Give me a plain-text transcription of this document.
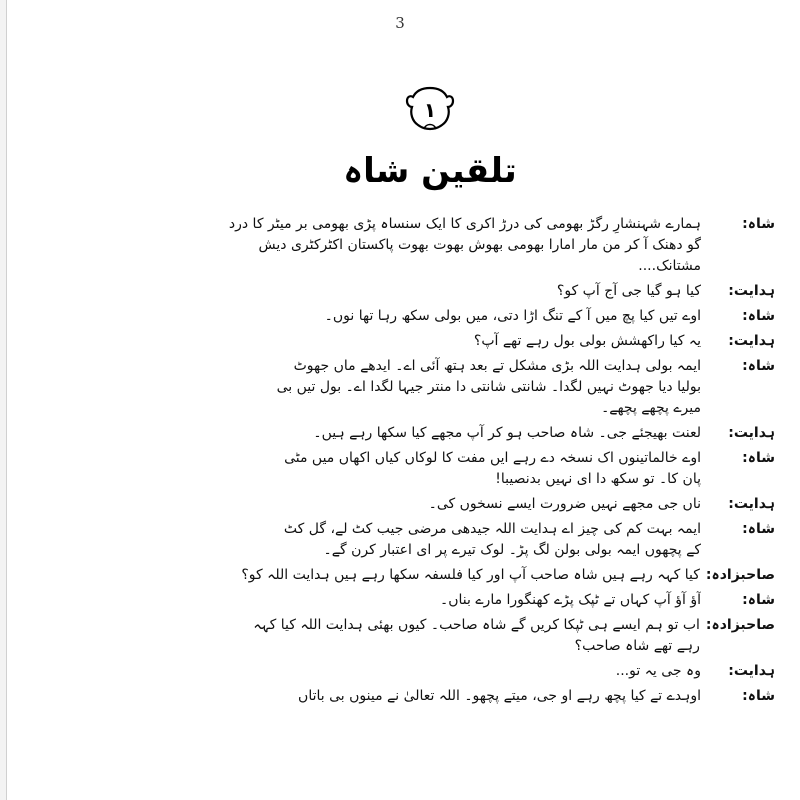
3
۱
تلقین شاہ
شاہ:
ہمارے شہنشارِ رگڑ بھومی کی درڑ اکری کا ایک سنساہ پڑی بھومی بر میٹر کا درد
گو دھنک آ کر من مار امارا بھومی بھوش بھوت بھوت پاکستان اکٹرکٹری دیش
مشتانک....
ہدایت:
کیا ہو گیا جی آج آپ کو؟
شاہ:
اوے تیں کیا پچ میں آ کے تنگ اڑا دتی، میں بولی سکھ رہا تھا نوں۔
ہدایت:
یہ کیا راکھشش بولی بول رہے تھے آپ؟
شاہ:
ایمہ بولی ہدایت اللہ بڑی مشکل تے بعد ہتھ آئی اے۔ ایدھے ماں جھوٹ
بولیا دیا جھوٹ نہیں لگدا۔ شانتی شانتی دا منتر جیہا لگدا اے۔ بول تیں بی
میرے پچھے پچھے۔
ہدایت:
لعنت بھیجئے جی۔ شاہ صاحب ہو کر آپ مجھے کیا سکھا رہے ہیں۔
شاہ:
اوے خالماتینوں اک نسخہ دے رہے ایں مفت کا لوکاں کیاں اکھاں میں مٹی
پان کا۔ تو سکھ دا ای نہیں بدنصیبا!
ہدایت:
ناں جی مجھے نہیں ضرورت ایسے نسخوں کی۔
شاہ:
ایمہ بہت کم کی چیز اے ہدایت اللہ جیدھی مرضی جیب کٹ لے، گل کٹ
کے پچھوں ایمہ بولی بولن لگ پڑ۔ لوک تیرے پر ای اعتبار کرن گے۔
صاحبزادہ:
کیا کہہ رہے ہیں شاہ صاحب آپ اور کیا فلسفہ سکھا رہے ہیں ہدایت اللہ کو؟
شاہ:
آؤ آؤ آپ کہاں تے ٹپک پڑے کھنگورا مارے بناں۔
صاحبزادہ:
اب تو ہم ایسے ہی ٹپکا کریں گے شاہ صاحب۔ کیوں بھئی ہدایت اللہ کیا کہہ
رہے تھے شاہ صاحب؟
ہدایت:
وہ جی یہ تو...
شاہ:
اوہدے تے کیا پچھ رہے او جی، میتے پچھو۔ اللہ تعالیٰ نے مینوں بی باتاں
